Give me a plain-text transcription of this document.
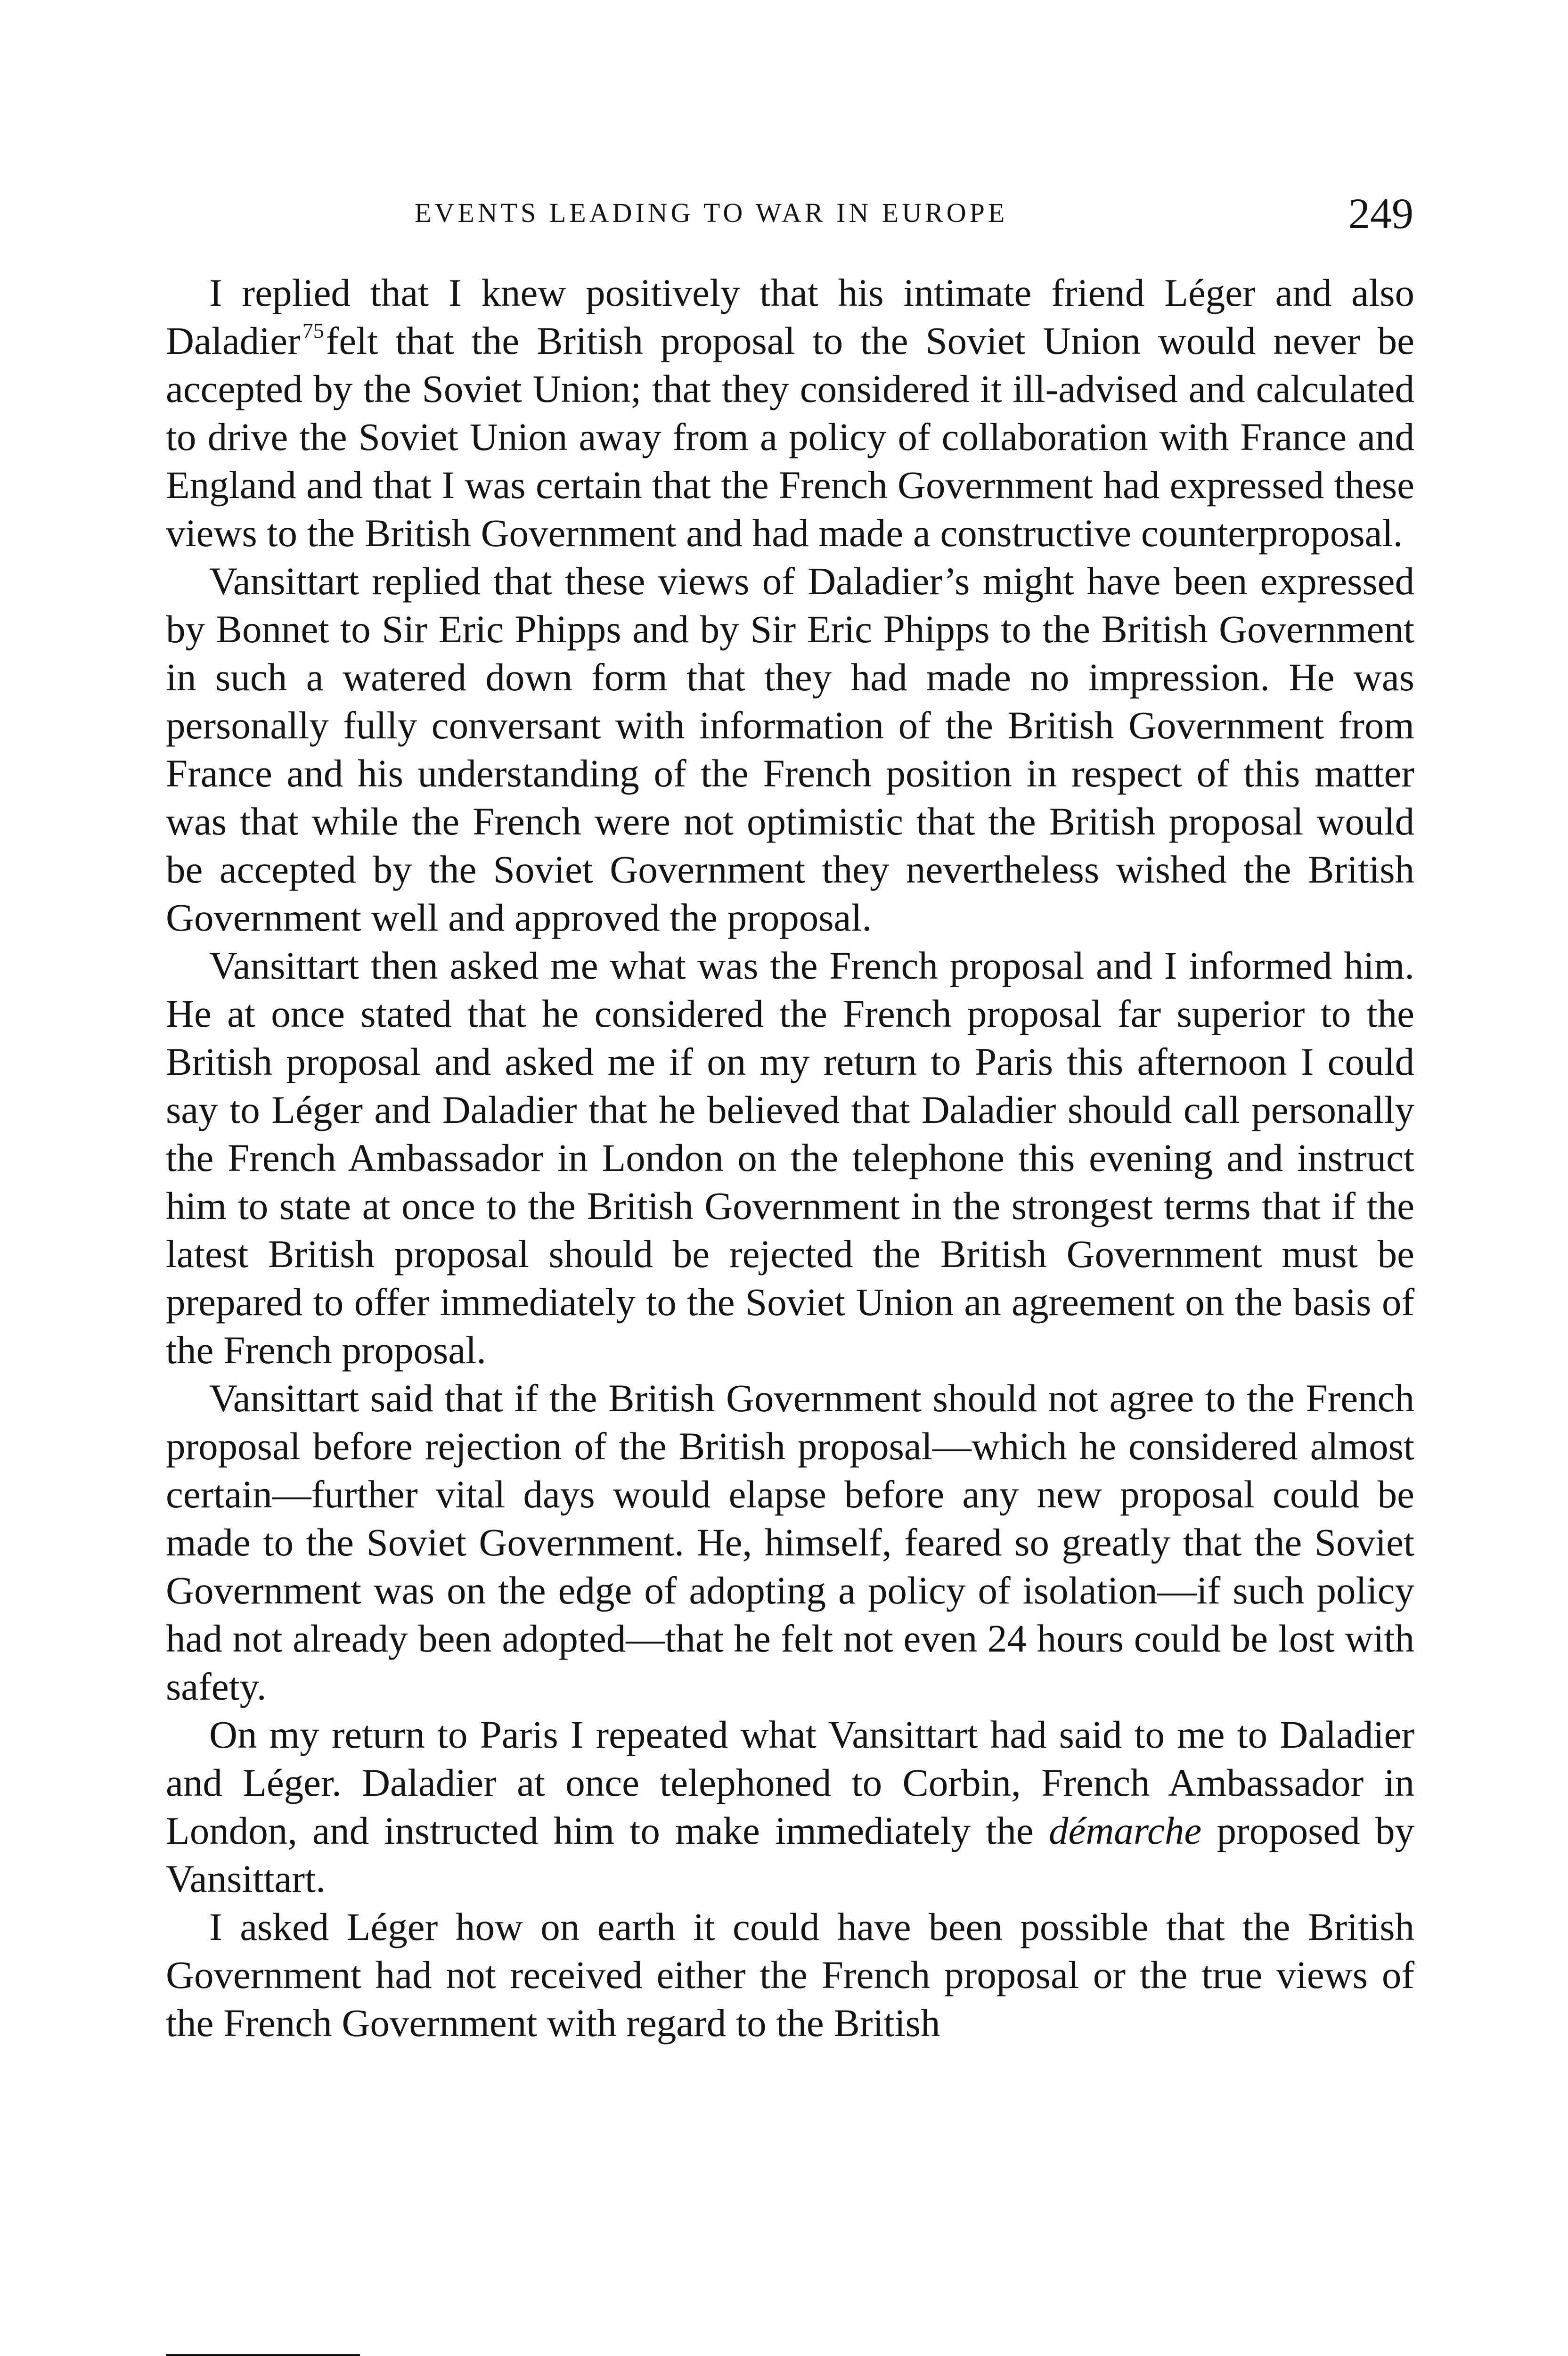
EVENTS LEADING TO WAR IN EUROPE	249

I replied that I knew positively that his intimate friend Léger and also Daladier$^{75}$felt that the British proposal to the Soviet Union would never be accepted by the Soviet Union; that they considered it ill-advised and calculated to drive the Soviet Union away from a policy of collaboration with France and England and that I was certain that the French Government had expressed these views to the British Government and had made a constructive counterproposal.

Vansittart replied that these views of Daladier’s might have been expressed by Bonnet to Sir Eric Phipps and by Sir Eric Phipps to the British Government in such a watered down form that they had made no impression. He was personally fully conversant with information of the British Government from France and his understanding of the French position in respect of this matter was that while the French were not optimistic that the British proposal would be accepted by the Soviet Government they nevertheless wished the British Government well and approved the proposal.

Vansittart then asked me what was the French proposal and I informed him. He at once stated that he considered the French proposal far superior to the British proposal and asked me if on my return to Paris this afternoon I could say to Léger and Daladier that he believed that Daladier should call personally the French Ambassador in London on the telephone this evening and instruct him to state at once to the British Government in the strongest terms that if the latest British proposal should be rejected the British Government must be prepared to offer immediately to the Soviet Union an agreement on the basis of the French proposal.

Vansittart said that if the British Government should not agree to the French proposal before rejection of the British proposal—which he considered almost certain—further vital days would elapse before any new proposal could be made to the Soviet Government. He, himself, feared so greatly that the Soviet Government was on the edge of adopting a policy of isolation—if such policy had not already been adopted—that he felt not even 24 hours could be lost with safety.

On my return to Paris I repeated what Vansittart had said to me to Daladier and Léger. Daladier at once telephoned to Corbin, French Ambassador in London, and instructed him to make immediately the démarche proposed by Vansittart.

I asked Léger how on earth it could have been possible that the British Government had not received either the French proposal or the true views of the French Government with regard to the British
